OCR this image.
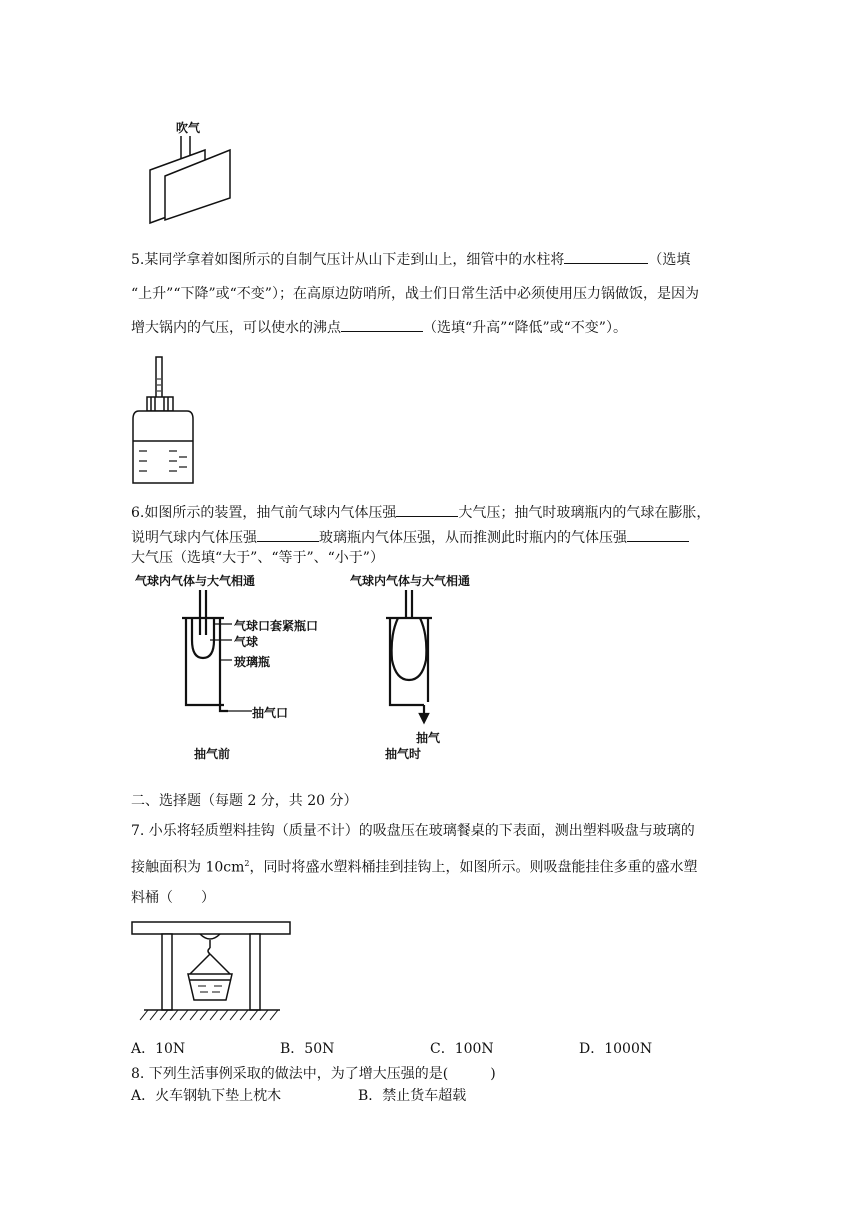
吹气
5.某同学拿着如图所示的自制气压计从山下走到山上，细管中的水柱将	（选填
“上升”“下降”或“不变”）；在高原边防哨所，战士们日常生活中必须使用压力锅做饭，是因为
增大锅内的气压，可以使水的沸点	（选填“升高”“降低”或“不变”）。
6.如图所示的装置，抽气前气球内气体压强	大气压；抽气时玻璃瓶内的气球在膨胀，
说明气球内气体压强	玻璃瓶内气体压强，从而推测此时瓶内的气体压强
大气压（选填“大于”、“等于”、“小于”）
气球内气体与大气相通	气球内气体与大气相通
气球口套紧瓶口
气球
玻璃瓶
抽气口
抽气前
抽气
抽气时
二、选择题（每题 2 分，共 20 分）
7. 小乐将轻质塑料挂钩（质量不计）的吸盘压在玻璃餐桌的下表面，测出塑料吸盘与玻璃的
接触面积为 $10cm^2$，同时将盛水塑料桶挂到挂钩上，如图所示。则吸盘能挂住多重的盛水塑
料桶（　　）
A．10N	B．50N	C．100N	D．1000N
8. 下列生活事例采取的做法中，为了增大压强的是(　　　)
A．火车钢轨下垫上枕木	B．禁止货车超载
